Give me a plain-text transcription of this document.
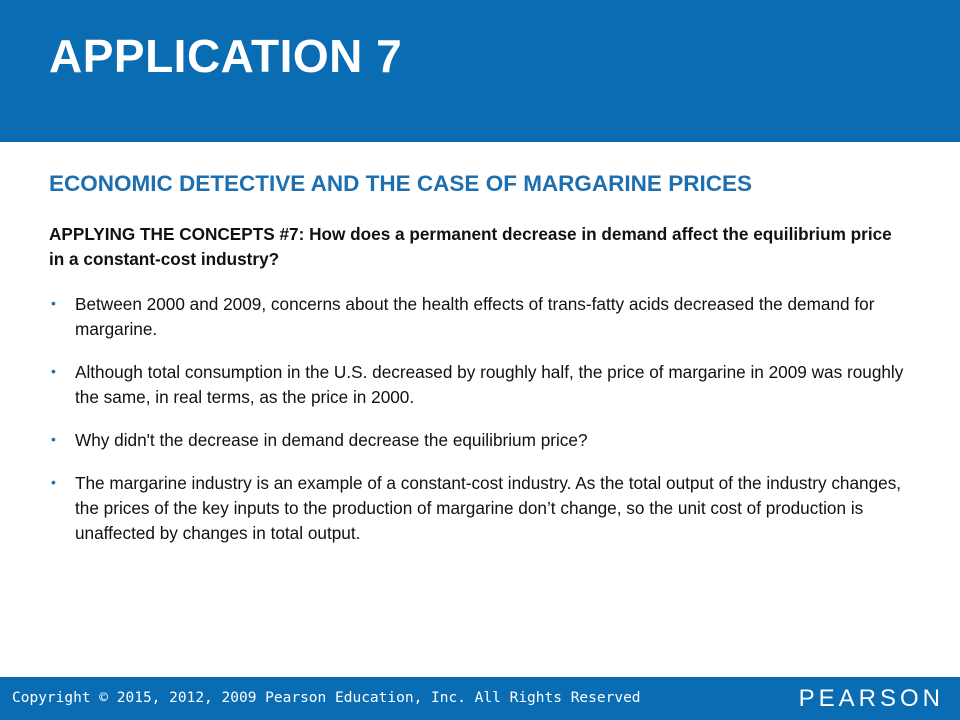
APPLICATION 7
ECONOMIC DETECTIVE AND THE CASE OF MARGARINE PRICES

APPLYING THE CONCEPTS #7: How does a permanent decrease in demand affect the equilibrium price in a constant-cost industry?

• Between 2000 and 2009, concerns about the health effects of trans-fatty acids decreased the demand for margarine.
• Although total consumption in the U.S. decreased by roughly half, the price of margarine in 2009 was roughly the same, in real terms, as the price in 2000.
• Why didn't the decrease in demand decrease the equilibrium price?
• The margarine industry is an example of a constant-cost industry. As the total output of the industry changes, the prices of the key inputs to the production of margarine don’t change, so the unit cost of production is unaffected by changes in total output.
Copyright © 2015, 2012, 2009 Pearson Education, Inc. All Rights Reserved	PEARSON
